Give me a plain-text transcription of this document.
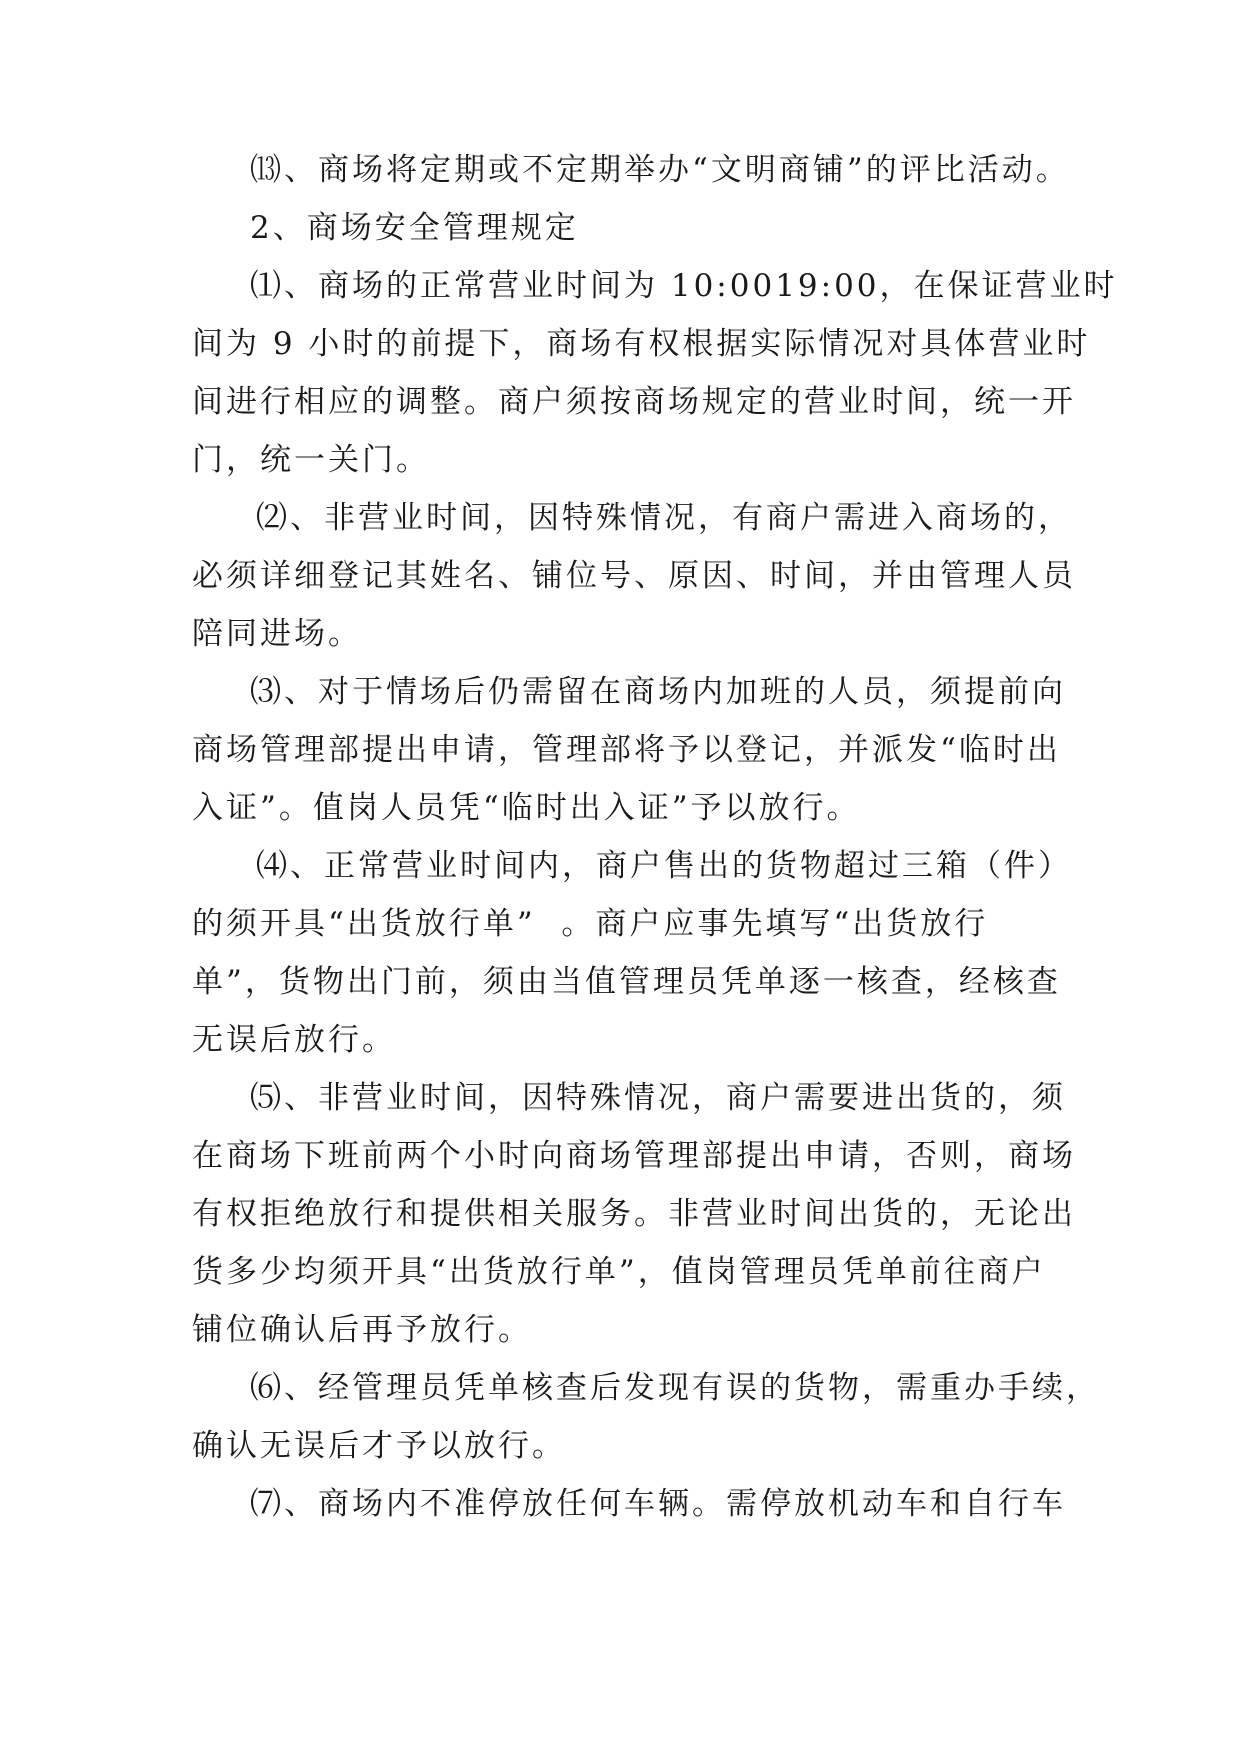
⒀、商场将定期或不定期举办“文明商铺”的评比活动。
2、商场安全管理规定
⑴、商场的正常营业时间为 10:0019:00，在保证营业时
间为 9 小时的前提下，商场有权根据实际情况对具体营业时
间进行相应的调整。商户须按商场规定的营业时间，统一开
门，统一关门。
⑵、非营业时间，因特殊情况，有商户需进入商场的，
必须详细登记其姓名、铺位号、原因、时间，并由管理人员
陪同进场。
⑶、对于情场后仍需留在商场内加班的人员，须提前向
商场管理部提出申请，管理部将予以登记，并派发“临时出
入证”。值岗人员凭“临时出入证”予以放行。
⑷、正常营业时间内，商户售出的货物超过三箱（件）
的须开具“出货放行单”  。商户应事先填写“出货放行
单”，货物出门前，须由当值管理员凭单逐一核查，经核查
无误后放行。
⑸、非营业时间，因特殊情况，商户需要进出货的，须
在商场下班前两个小时向商场管理部提出申请，否则，商场
有权拒绝放行和提供相关服务。非营业时间出货的，无论出
货多少均须开具“出货放行单”，值岗管理员凭单前往商户
铺位确认后再予放行。
⑹、经管理员凭单核查后发现有误的货物，需重办手续，
确认无误后才予以放行。
⑺、商场内不准停放任何车辆。需停放机动车和自行车
